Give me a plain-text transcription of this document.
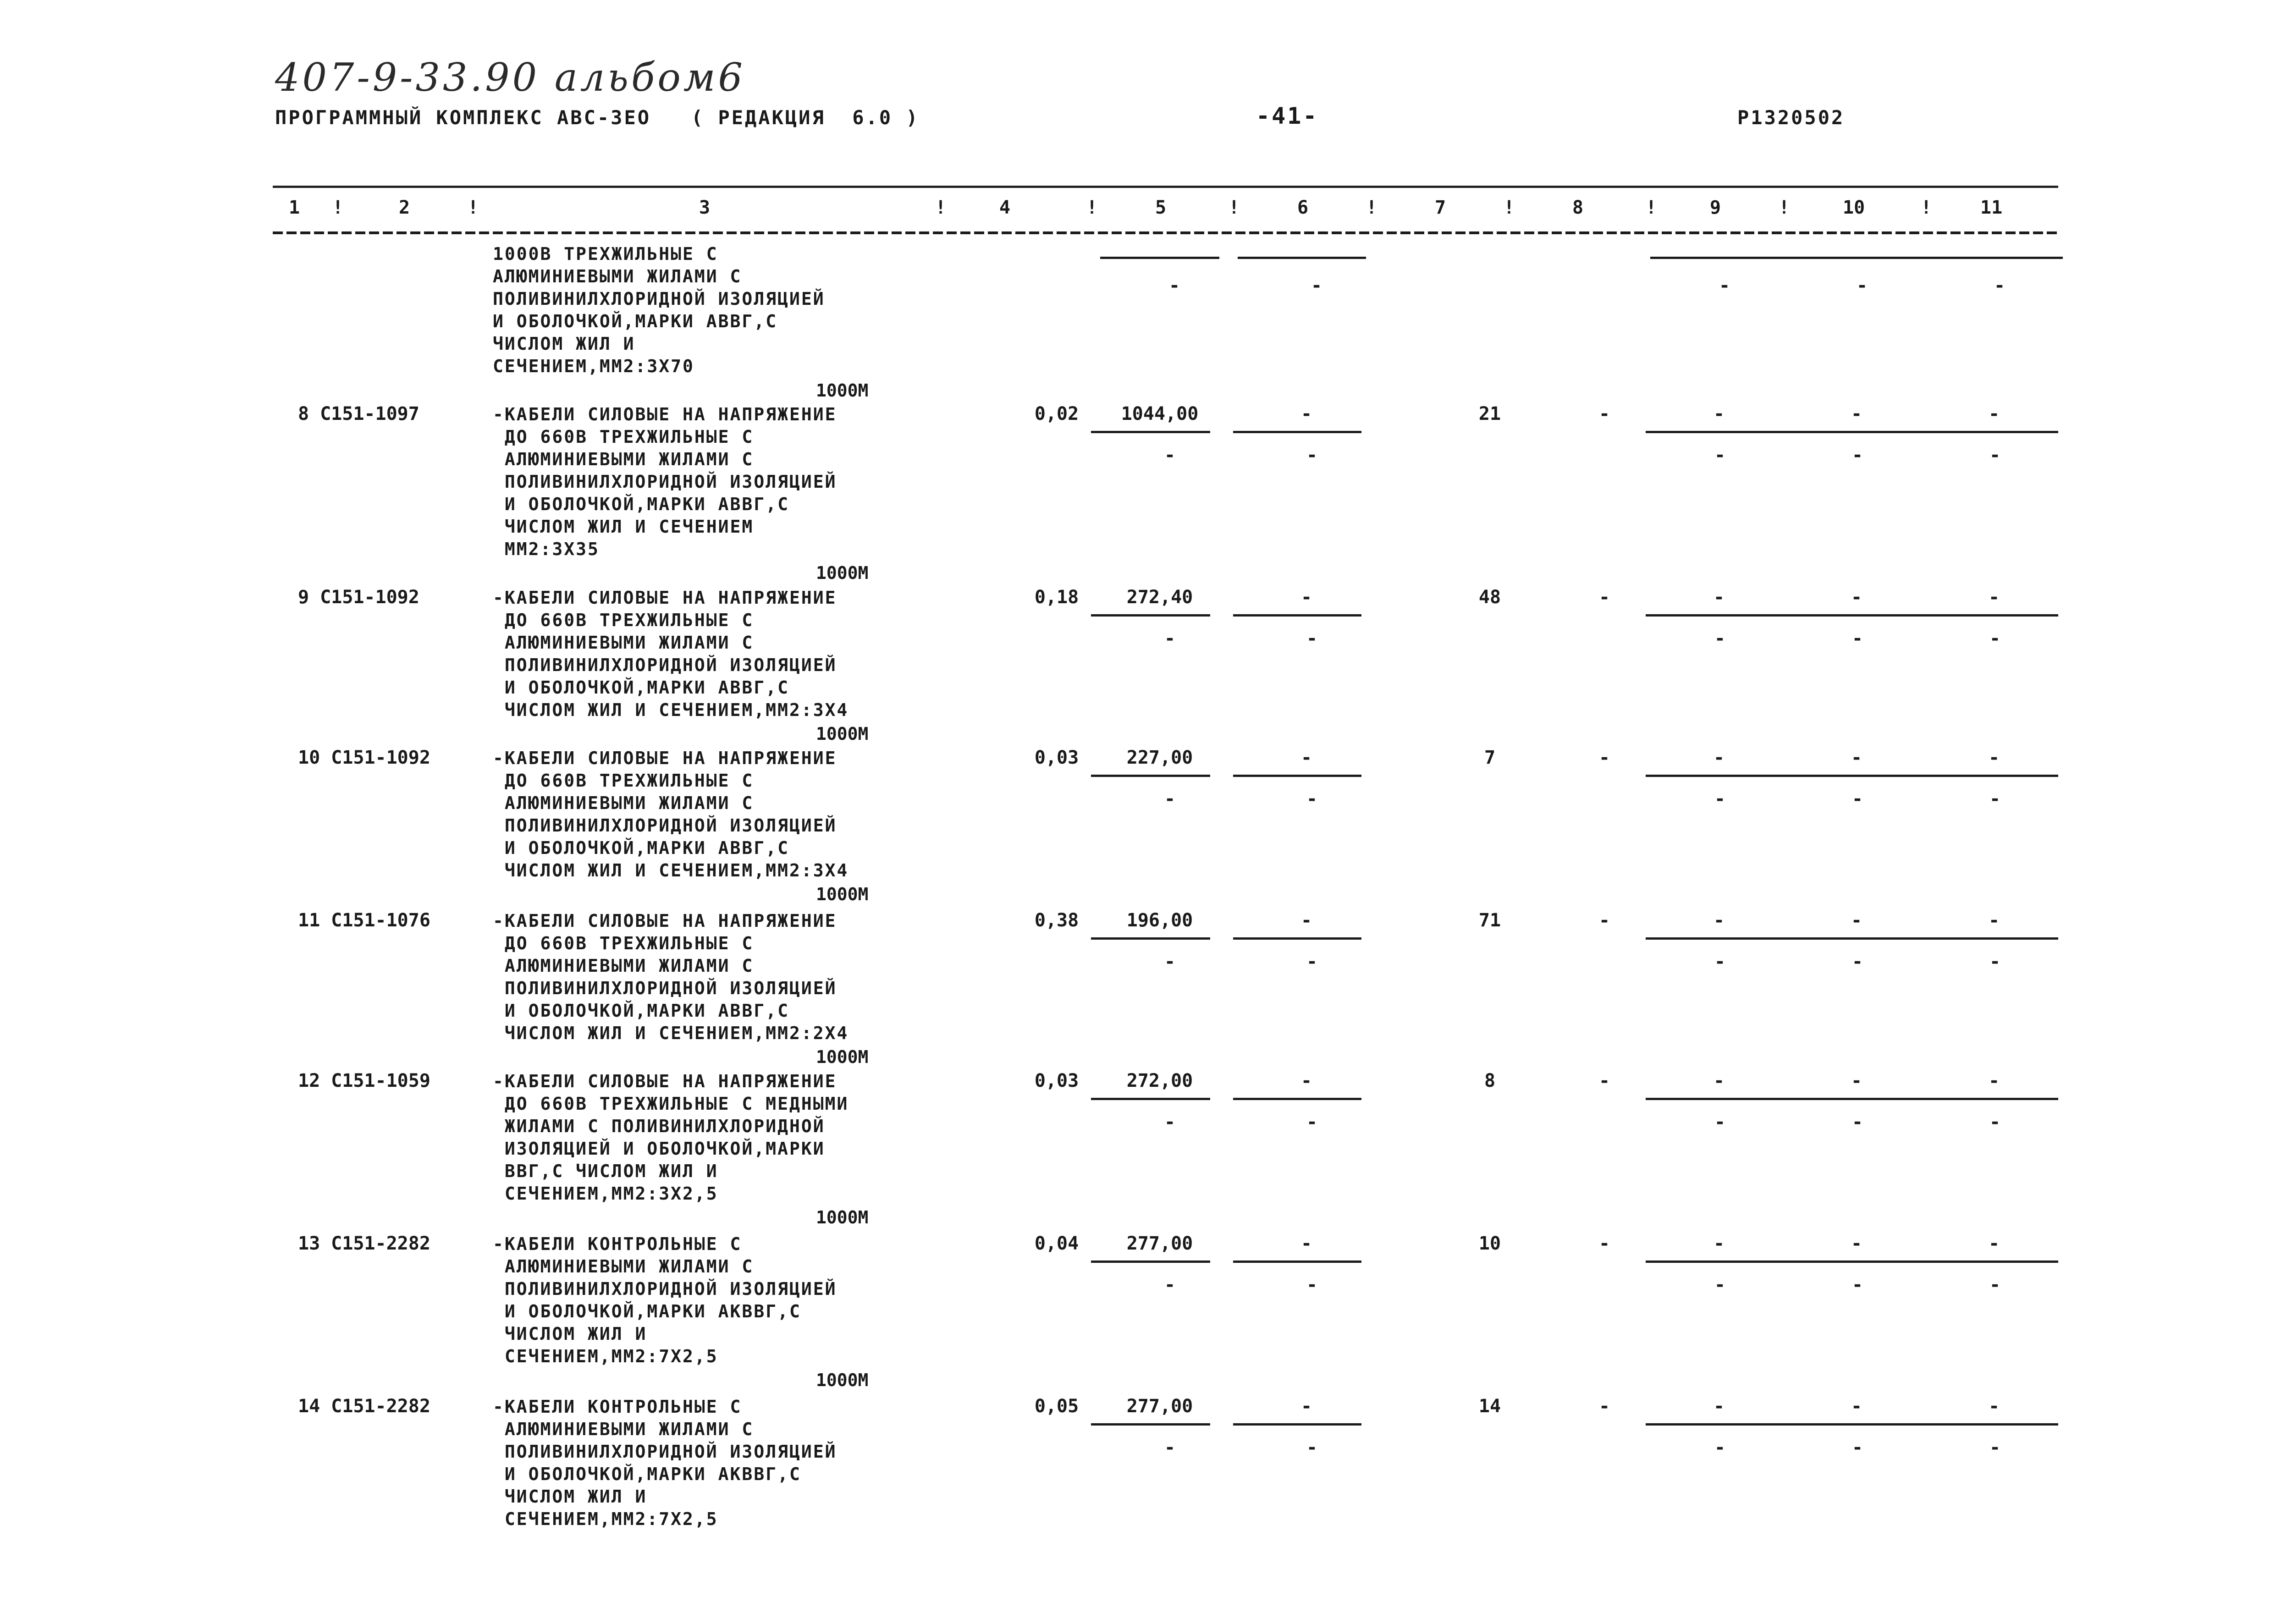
407-9-33.90 альбом6
ПРОГРАММНЫЙ КОМПЛЕКС АВС-ЗЕО   ( РЕДАКЦИЯ  6.0 )	-41-	P1320502
1 !	2	!	3	!	4	!	5	!	6	!	7	!	8	!	9	!	10	!	11
1000В ТРЕХЖИЛЬНЫЕ С
АЛЮМИНИЕВЫМИ ЖИЛАМИ С
ПОЛИВИНИЛХЛОРИДНОЙ ИЗОЛЯЦИЕЙ
И ОБОЛОЧКОЙ,МАРКИ АВВГ,С
ЧИСЛОМ ЖИЛ И
СЕЧЕНИЕМ,ММ2:3Х70
1000М
8 С151-1097	-КАБЕЛИ СИЛОВЫЕ НА НАПРЯЖЕНИЕ
ДО 660В ТРЕХЖИЛЬНЫЕ С
АЛЮМИНИЕВЫМИ ЖИЛАМИ С
ПОЛИВИНИЛХЛОРИДНОЙ ИЗОЛЯЦИЕЙ
И ОБОЛОЧКОЙ,МАРКИ АВВГ,С
ЧИСЛОМ ЖИЛ И СЕЧЕНИЕМ
ММ2:3Х35
1000М
0,02	1044,00	-	21	-	-	-	-
-	-	-	-	-
9 С151-1092	-КАБЕЛИ СИЛОВЫЕ НА НАПРЯЖЕНИЕ
ДО 660В ТРЕХЖИЛЬНЫЕ С
АЛЮМИНИЕВЫМИ ЖИЛАМИ С
ПОЛИВИНИЛХЛОРИДНОЙ ИЗОЛЯЦИЕЙ
И ОБОЛОЧКОЙ,МАРКИ АВВГ,С
ЧИСЛОМ ЖИЛ И СЕЧЕНИЕМ,ММ2:3Х4
1000М
0,18	272,40	-	48	-	-	-	-
-	-	-	-	-
10 С151-1092	-КАБЕЛИ СИЛОВЫЕ НА НАПРЯЖЕНИЕ
ДО 660В ТРЕХЖИЛЬНЫЕ С
АЛЮМИНИЕВЫМИ ЖИЛАМИ С
ПОЛИВИНИЛХЛОРИДНОЙ ИЗОЛЯЦИЕЙ
И ОБОЛОЧКОЙ,МАРКИ АВВГ,С
ЧИСЛОМ ЖИЛ И СЕЧЕНИЕМ,ММ2:3Х4
1000М
0,03	227,00	-	7	-	-	-	-
-	-	-	-	-
11 С151-1076	-КАБЕЛИ СИЛОВЫЕ НА НАПРЯЖЕНИЕ
ДО 660В ТРЕХЖИЛЬНЫЕ С
АЛЮМИНИЕВЫМИ ЖИЛАМИ С
ПОЛИВИНИЛХЛОРИДНОЙ ИЗОЛЯЦИЕЙ
И ОБОЛОЧКОЙ,МАРКИ АВВГ,С
ЧИСЛОМ ЖИЛ И СЕЧЕНИЕМ,ММ2:2Х4
1000М
0,38	196,00	-	71	-	-	-	-
-	-	-	-	-
12 С151-1059	-КАБЕЛИ СИЛОВЫЕ НА НАПРЯЖЕНИЕ
ДО 660В ТРЕХЖИЛЬНЫЕ С МЕДНЫМИ
ЖИЛАМИ С ПОЛИВИНИЛХЛОРИДНОЙ
ИЗОЛЯЦИЕЙ И ОБОЛОЧКОЙ,МАРКИ
ВВГ,С ЧИСЛОМ ЖИЛ И
СЕЧЕНИЕМ,ММ2:3Х2,5
1000М
0,03	272,00	-	8	-	-	-	-
-	-	-	-	-
13 С151-2282	-КАБЕЛИ КОНТРОЛЬНЫЕ С
АЛЮМИНИЕВЫМИ ЖИЛАМИ С
ПОЛИВИНИЛХЛОРИДНОЙ ИЗОЛЯЦИЕЙ
И ОБОЛОЧКОЙ,МАРКИ АКВВГ,С
ЧИСЛОМ ЖИЛ И
СЕЧЕНИЕМ,ММ2:7Х2,5
1000М
0,04	277,00	-	10	-	-	-	-
-	-	-	-	-
14 С151-2282	-КАБЕЛИ КОНТРОЛЬНЫЕ С
АЛЮМИНИЕВЫМИ ЖИЛАМИ С
ПОЛИВИНИЛХЛОРИДНОЙ ИЗОЛЯЦИЕЙ
И ОБОЛОЧКОЙ,МАРКИ АКВВГ,С
ЧИСЛОМ ЖИЛ И
СЕЧЕНИЕМ,ММ2:7Х2,5
0,05	277,00	-	14	-	-	-	-
-	-	-	-	-
-	-	-	-	-
